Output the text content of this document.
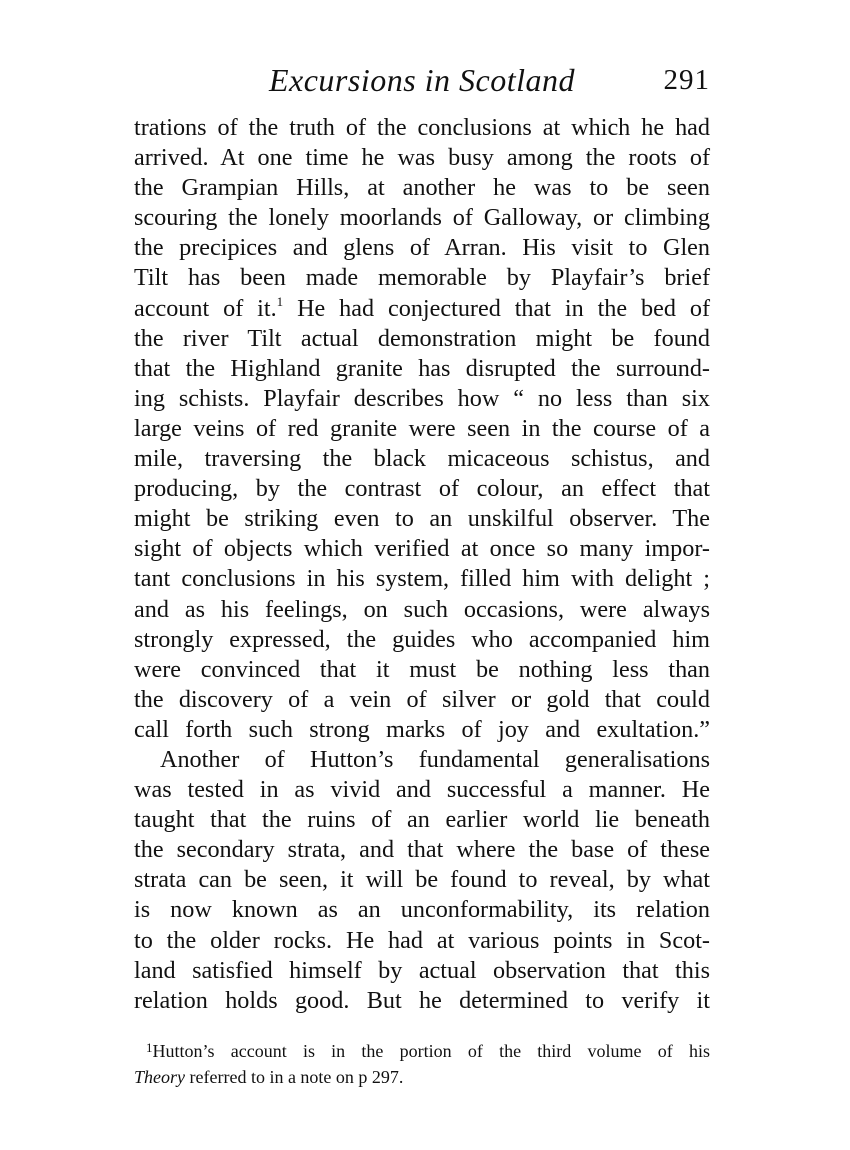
Excursions in Scotland	291
trations of the truth of the conclusions at which he had
arrived. At one time he was busy among the roots of
the Grampian Hills, at another he was to be seen
scouring the lonely moorlands of Galloway, or climbing
the precipices and glens of Arran. His visit to Glen
Tilt has been made memorable by Playfair’s brief
account of it.$^1$ He had conjectured that in the bed of
the river Tilt actual demonstration might be found
that the Highland granite has disrupted the surround-
ing schists. Playfair describes how “ no less than six
large veins of red granite were seen in the course of a
mile, traversing the black micaceous schistus, and
producing, by the contrast of colour, an effect that
might be striking even to an unskilful observer. The
sight of objects which verified at once so many impor-
tant conclusions in his system, filled him with delight ;
and as his feelings, on such occasions, were always
strongly expressed, the guides who accompanied him
were convinced that it must be nothing less than
the discovery of a vein of silver or gold that could
call forth such strong marks of joy and exultation.”
Another of Hutton’s fundamental generalisations
was tested in as vivid and successful a manner. He
taught that the ruins of an earlier world lie beneath
the secondary strata, and that where the base of these
strata can be seen, it will be found to reveal, by what
is now known as an unconformability, its relation
to the older rocks. He had at various points in Scot-
land satisfied himself by actual observation that this
relation holds good. But he determined to verify it
$^1$Hutton’s account is in the portion of the third volume of his
Theory referred to in a note on p 297.
